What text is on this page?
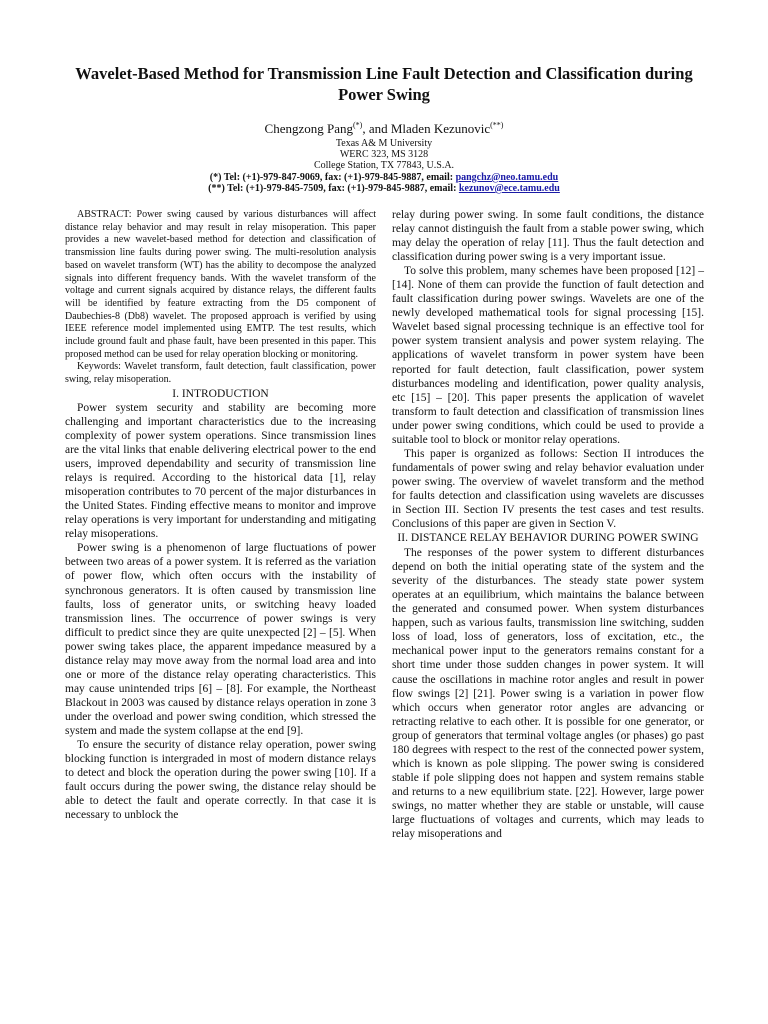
Wavelet-Based Method for Transmission Line Fault Detection and Classification during Power Swing
Chengzong Pang(*), and Mladen Kezunovic(**)
Texas A& M University
WERC 323, MS 3128
College Station, TX 77843, U.S.A.
(*) Tel: (+1)-979-847-9069, fax: (+1)-979-845-9887, email: pangchz@neo.tamu.edu
(**) Tel: (+1)-979-845-7509, fax: (+1)-979-845-9887, email: kezunov@ece.tamu.edu

ABSTRACT: Power swing caused by various disturbances will affect distance relay behavior and may result in relay misoperation. This paper provides a new wavelet-based method for detection and classification of transmission line faults during power swing. The multi-resolution analysis based on wavelet transform (WT) has the ability to decompose the analyzed signals into different frequency bands. With the wavelet transform of the voltage and current signals acquired by distance relays, the different faults will be identified by feature extracting from the D5 component of Daubechies-8 (Db8) wavelet. The proposed approach is verified by using IEEE reference model implemented using EMTP. The test results, which include ground fault and phase fault, have been presented in this paper. This proposed method can be used for relay operation blocking or monitoring.

Keywords: Wavelet transform, fault detection, fault classification, power swing, relay misoperation.

I. INTRODUCTION

Power system security and stability are becoming more challenging and important characteristics due to the increasing complexity of power system operations. Since transmission lines are the vital links that enable delivering electrical power to the end users, improved dependability and security of transmission line relays is required. According to the historical data [1], relay misoperation contributes to 70 percent of the major disturbances in the United States. Finding effective means to monitor and improve relay operations is very important for understanding and mitigating relay misoperations.

Power swing is a phenomenon of large fluctuations of power between two areas of a power system. It is referred as the variation of power flow, which often occurs with the instability of synchronous generators. It is often caused by transmission line faults, loss of generator units, or switching heavy loaded transmission lines. The occurrence of power swings is very difficult to predict since they are quite unexpected [2] – [5]. When power swing takes place, the apparent impedance measured by a distance relay may move away from the normal load area and into one or more of the distance relay operating characteristics. This may cause unintended trips [6] – [8]. For example, the Northeast Blackout in 2003 was caused by distance relays operation in zone 3 under the overload and power swing condition, which stressed the system and made the system collapse at the end [9].

To ensure the security of distance relay operation, power swing blocking function is intergraded in most of modern distance relays to detect and block the operation during the power swing [10]. If a fault occurs during the power swing, the distance relay should be able to detect the fault and operate correctly. In that case it is necessary to unblock the

relay during power swing. In some fault conditions, the distance relay cannot distinguish the fault from a stable power swing, which may delay the operation of relay [11]. Thus the fault detection and classification during power swing is a very important issue.

To solve this problem, many schemes have been proposed [12] – [14]. None of them can provide the function of fault detection and fault classification during power swings. Wavelets are one of the newly developed mathematical tools for signal processing [15]. Wavelet based signal processing technique is an effective tool for power system transient analysis and power system relaying. The applications of wavelet transform in power system have been reported for fault detection, fault classification, power system disturbances modeling and identification, power quality analysis, etc [15] – [20]. This paper presents the application of wavelet transform to fault detection and classification of transmission lines under power swing conditions, which could be used to provide a suitable tool to block or monitor relay operations.

This paper is organized as follows: Section II introduces the fundamentals of power swing and relay behavior evaluation under power swing. The overview of wavelet transform and the method for faults detection and classification using wavelets are discusses in Section III. Section IV presents the test cases and test results. Conclusions of this paper are given in Section V.

II. DISTANCE RELAY BEHAVIOR DURING POWER SWING

The responses of the power system to different disturbances depend on both the initial operating state of the system and the severity of the disturbances. The steady state power system operates at an equilibrium, which maintains the balance between the generated and consumed power. When system disturbances happen, such as various faults, transmission line switching, sudden loss of load, loss of generators, loss of excitation, etc., the mechanical power input to the generators remains constant for a short time under those sudden changes in power system. It will cause the oscillations in machine rotor angles and result in power flow swings [2] [21]. Power swing is a variation in power flow which occurs when generator rotor angles are advancing or retracting relative to each other. It is possible for one generator, or group of generators that terminal voltage angles (or phases) go past 180 degrees with respect to the rest of the connected power system, which is known as pole slipping. The power swing is considered stable if pole slipping does not happen and system remains stable and returns to a new equilibrium state. [22]. However, large power swings, no matter whether they are stable or unstable, will cause large fluctuations of voltages and currents, which may leads to relay misoperations and
